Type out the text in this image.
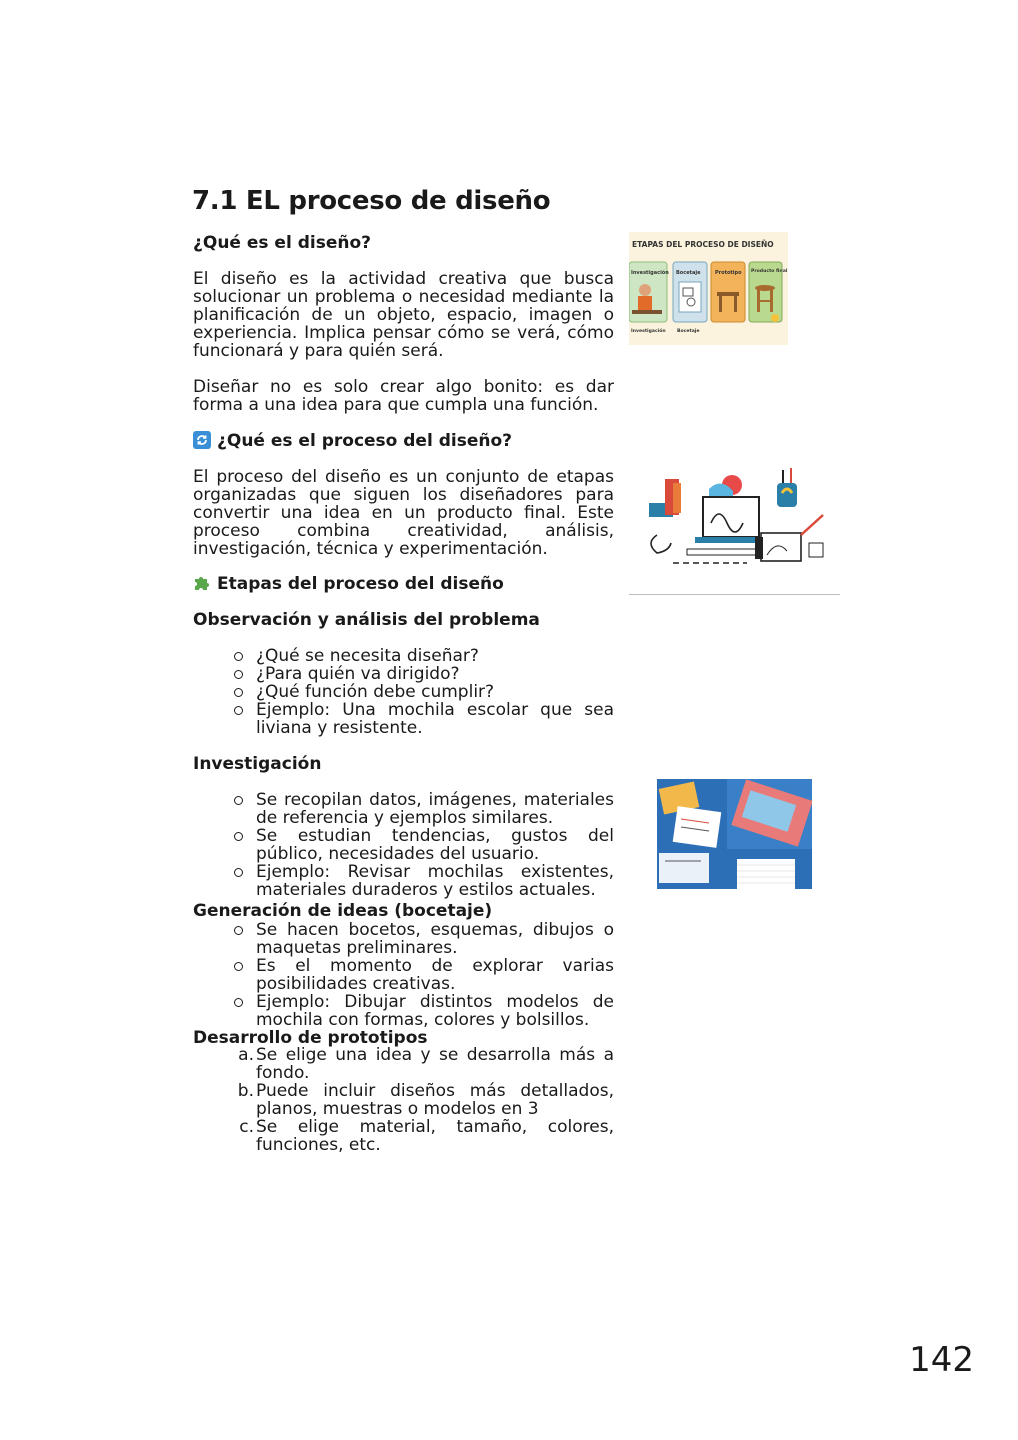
7.1 EL proceso de diseño
¿Qué es el diseño?

El diseño es la actividad creativa que busca solucionar un problema o necesidad mediante la planificación de un objeto, espacio, imagen o experiencia. Implica pensar cómo se verá, cómo funcionará y para quién será.

Diseñar no es solo crear algo bonito: es dar forma a una idea para que cumpla una función.

¿Qué es el proceso del diseño?

El proceso del diseño es un conjunto de etapas organizadas que siguen los diseñadores para convertir una idea en un producto final. Este proceso combina creatividad, análisis, investigación, técnica y experimentación.

Etapas del proceso del diseño
Observación y análisis del problema
¿Qué se necesita diseñar?
¿Para quién va dirigido?
¿Qué función debe cumplir?
Ejemplo: Una mochila escolar que sea liviana y resistente.
Investigación
Se recopilan datos, imágenes, materiales de referencia y ejemplos similares.
Se estudian tendencias, gustos del público, necesidades del usuario.
Ejemplo: Revisar mochilas existentes, materiales duraderos y estilos actuales.
Generación de ideas (bocetaje)
Se hacen bocetos, esquemas, dibujos o maquetas preliminares.
Es el momento de explorar varias posibilidades creativas.
Ejemplo: Dibujar distintos modelos de mochila con formas, colores y bolsillos.
Desarrollo de prototipos
a. Se elige una idea y se desarrolla más a fondo.
b. Puede incluir diseños más detallados, planos, muestras o modelos en 3
c. Se elige material, tamaño, colores, funciones, etc.
ETAPAS DEL PROCESO DE DISEÑO
Investigación Bocetaje	Prototipo Producto final
Investigación Bocetaje
142
